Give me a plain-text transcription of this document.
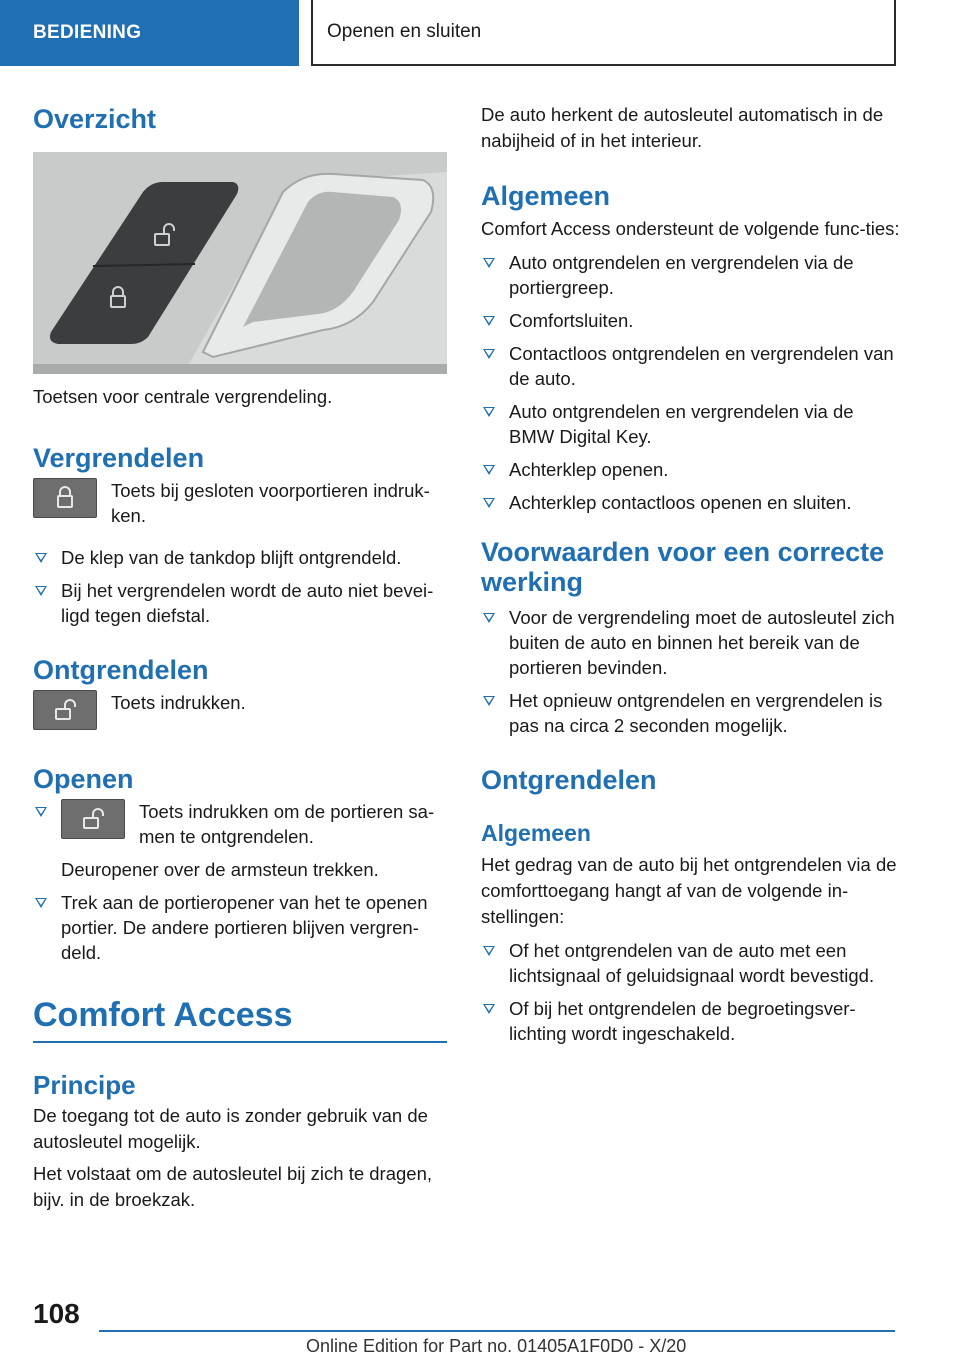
BEDIENING	Openen en sluiten
Overzicht

Toetsen voor centrale vergrendeling.

Vergrendelen

Toets bij gesloten voorportieren indruk-ken.

De klep van de tankdop blijft ontgrendeld.
Bij het vergrendelen wordt de auto niet bevei-ligd tegen diefstal.
Ontgrendelen

Toets indrukken.

Openen
Toets indrukken om de portieren sa-men te ontgrendelen.
Deuropener over de armsteun trekken.
Trek aan de portieropener van het te openen portier. De andere portieren blijven vergren-deld.
Comfort Access
Principe

De toegang tot de auto is zonder gebruik van de autosleutel mogelijk.

Het volstaat om de autosleutel bij zich te dragen, bijv. in de broekzak.

De auto herkent de autosleutel automatisch in de nabijheid of in het interieur.

Algemeen

Comfort Access ondersteunt de volgende func-ties:

Auto ontgrendelen en vergrendelen via de portiergreep.
Comfortsluiten.
Contactloos ontgrendelen en vergrendelen van de auto.
Auto ontgrendelen en vergrendelen via de BMW Digital Key.
Achterklep openen.
Achterklep contactloos openen en sluiten.
Voorwaarden voor een correcte werking
Voor de vergrendeling moet de autosleutel zich buiten de auto en binnen het bereik van de portieren bevinden.
Het opnieuw ontgrendelen en vergrendelen is pas na circa 2 seconden mogelijk.
Ontgrendelen
Algemeen

Het gedrag van de auto bij het ontgrendelen via de comforttoegang hangt af van de volgende in-stellingen:

Of het ontgrendelen van de auto met een lichtsignaal of geluidsignaal wordt bevestigd.
Of bij het ontgrendelen de begroetingsver-lichting wordt ingeschakeld.
108
Online Edition for Part no. 01405A1F0D0 - X/20
